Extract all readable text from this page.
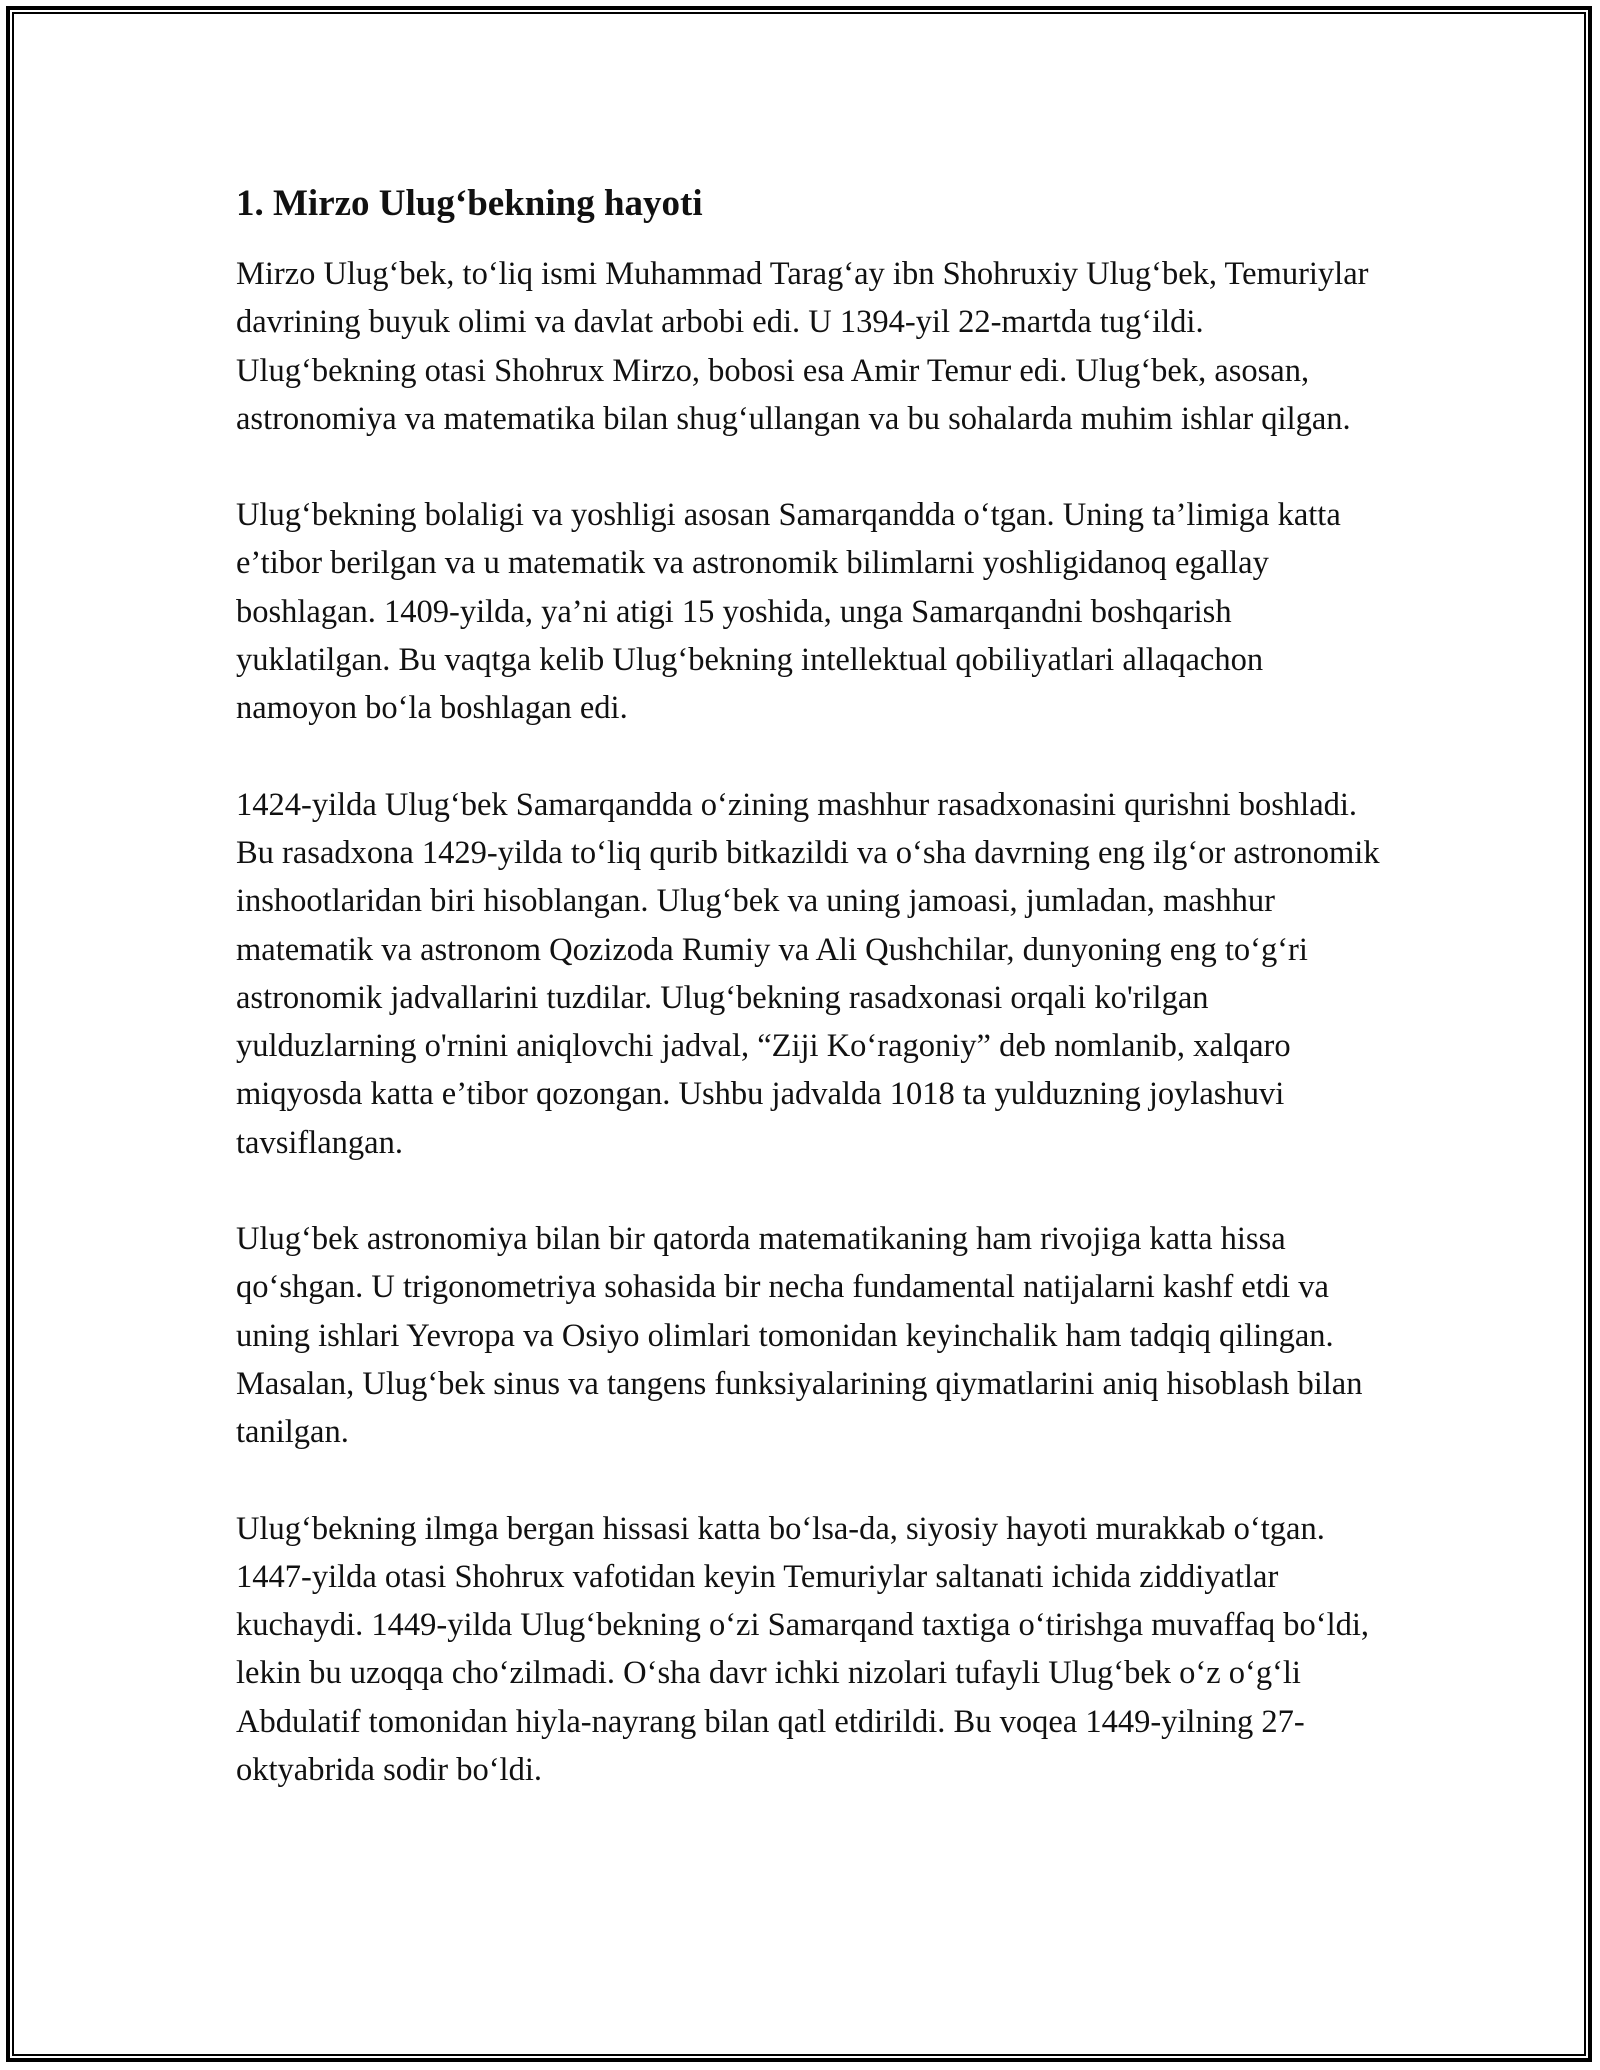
1. Mirzo Ulug‘bekning hayoti

Mirzo Ulug‘bek, to‘liq ismi Muhammad Tarag‘ay ibn Shohruxiy Ulug‘bek, Temuriylar davrining buyuk olimi va davlat arbobi edi. U 1394-yil 22-martda tug‘ildi. Ulug‘bekning otasi Shohrux Mirzo, bobosi esa Amir Temur edi. Ulug‘bek, asosan, astronomiya va matematika bilan shug‘ullangan va bu sohalarda muhim ishlar qilgan.

Ulug‘bekning bolaligi va yoshligi asosan Samarqandda o‘tgan. Uning ta’limiga katta e’tibor berilgan va u matematik va astronomik bilimlarni yoshligidanoq egallay boshlagan. 1409-yilda, ya’ni atigi 15 yoshida, unga Samarqandni boshqarish yuklatilgan. Bu vaqtga kelib Ulug‘bekning intellektual qobiliyatlari allaqachon namoyon bo‘la boshlagan edi.

1424-yilda Ulug‘bek Samarqandda o‘zining mashhur rasadxonasini qurishni boshladi. Bu rasadxona 1429-yilda to‘liq qurib bitkazildi va o‘sha davrning eng ilg‘or astronomik inshootlaridan biri hisoblangan. Ulug‘bek va uning jamoasi, jumladan, mashhur matematik va astronom Qozizoda Rumiy va Ali Qushchilar, dunyoning eng to‘g‘ri astronomik jadvallarini tuzdilar. Ulug‘bekning rasadxonasi orqali ko'rilgan yulduzlarning o'rnini aniqlovchi jadval, “Ziji Ko‘ragoniy” deb nomlanib, xalqaro miqyosda katta e’tibor qozongan. Ushbu jadvalda 1018 ta yulduzning joylashuvi tavsiflangan.

Ulug‘bek astronomiya bilan bir qatorda matematikaning ham rivojiga katta hissa qo‘shgan. U trigonometriya sohasida bir necha fundamental natijalarni kashf etdi va uning ishlari Yevropa va Osiyo olimlari tomonidan keyinchalik ham tadqiq qilingan. Masalan, Ulug‘bek sinus va tangens funksiyalarining qiymatlarini aniq hisoblash bilan tanilgan.

Ulug‘bekning ilmga bergan hissasi katta bo‘lsa-da, siyosiy hayoti murakkab o‘tgan. 1447-yilda otasi Shohrux vafotidan keyin Temuriylar saltanati ichida ziddiyatlar kuchaydi. 1449-yilda Ulug‘bekning o‘zi Samarqand taxtiga o‘tirishga muvaffaq bo‘ldi, lekin bu uzoqqa cho‘zilmadi. O‘sha davr ichki nizolari tufayli Ulug‘bek o‘z o‘g‘li Abdulatif tomonidan hiyla-nayrang bilan qatl etdirildi. Bu voqea 1449-yilning 27-oktyabrida sodir bo‘ldi.
